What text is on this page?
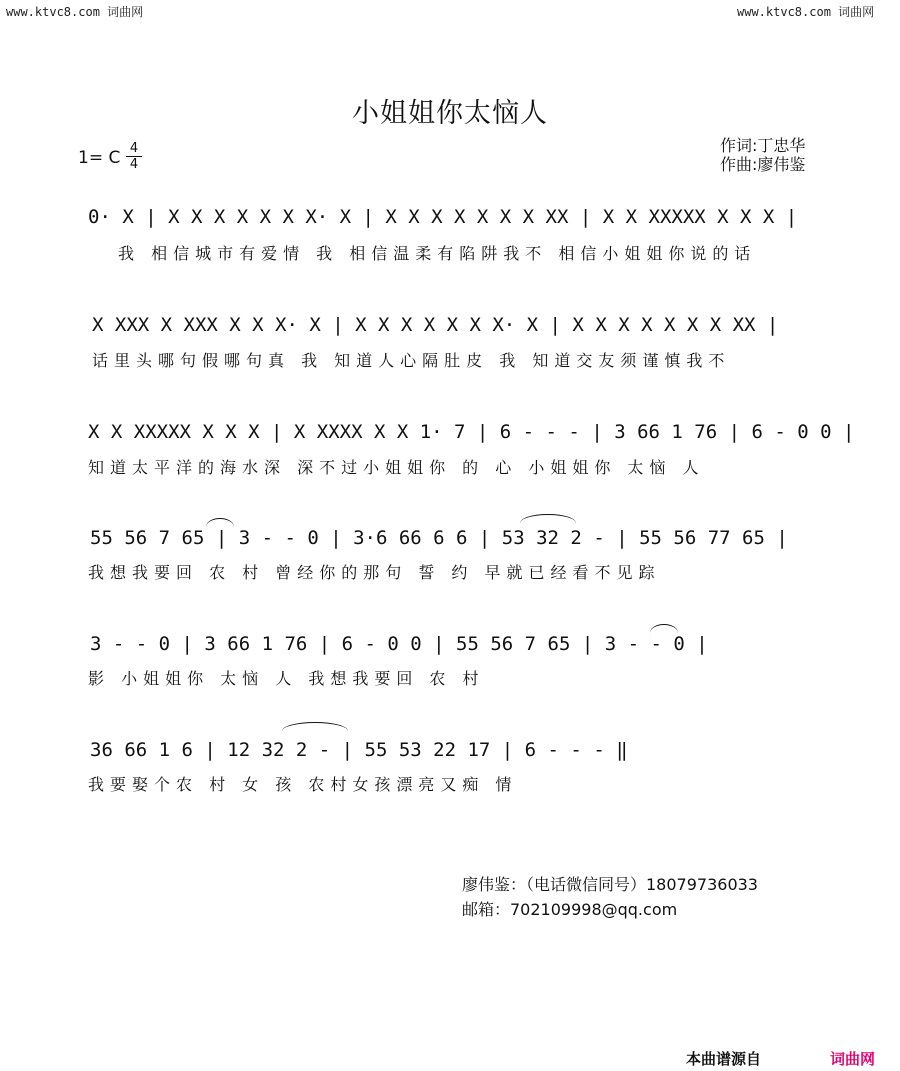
www.ktvc8.com 词曲网	www.ktvc8.com 词曲网
小姐姐你太恼人
作词:丁忠华
作曲:廖伟鉴
1= C 4
4
0· X | X X X X X X X· X | X X X X X X X XX | X X XXXXX X X X |
我 相信城市有爱情 我 相信温柔有陷阱我不 相信小姐姐你说的话
X XXX X XXX X X X· X | X X X X X X X· X | X X X X X X X XX |
话里头哪句假哪句真 我 知道人心隔肚皮 我 知道交友须谨慎我不
X X XXXXX X X X | X XXXX X X 1· 7 | 6 - - - | 3 66 1 76 | 6 - 0 0 |
知道太平洋的海水深 深不过小姐姐你 的 心 小姐姐你 太恼 人
55 56 7 65 | 3 - - 0 | 3·6 66 6 6 | 53 32 2 - | 55 56 77 65 |
我想我要回 农 村 曾经你的那句 誓 约 早就已经看不见踪
3 - - 0 | 3 66 1 76 | 6 - 0 0 | 55 56 7 65 | 3 - - 0 |
影 小姐姐你 太恼 人 我想我要回 农 村
36 66 1 6 | 12 32 2 - | 55 53 22 17 | 6 - - - ‖
我要娶个农 村 女 孩 农村女孩漂亮又痴 情
廖伟鉴：（电话微信同号）18079736033
邮箱：702109998@qq.com
本曲谱源自	词曲网
